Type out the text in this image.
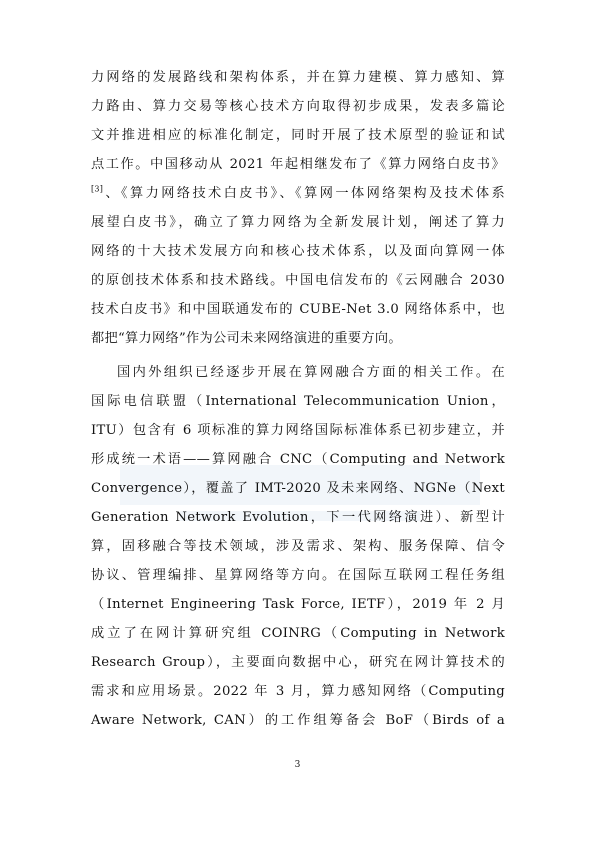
力网络的发展路线和架构体系，并在算力建模、算力感知、算
力路由、算力交易等核心技术方向取得初步成果，发表多篇论
文并推进相应的标准化制定，同时开展了技术原型的验证和试
点工作。中国移动从 2021 年起相继发布了《算力网络白皮书》
[3]、《算力网络技术白皮书》、《算网一体网络架构及技术体系
展望白皮书》，确立了算力网络为全新发展计划，阐述了算力
网络的十大技术发展方向和核心技术体系，以及面向算网一体
的原创技术体系和技术路线。中国电信发布的《云网融合 2030
技术白皮书》和中国联通发布的 CUBE-Net 3.0 网络体系中，也
都把“算力网络”作为公司未来网络演进的重要方向。
国内外组织已经逐步开展在算网融合方面的相关工作。在
国际电信联盟（International Telecommunication Union，
ITU）包含有 6 项标准的算力网络国际标准体系已初步建立，并
形成统一术语——算网融合 CNC（Computing and Network
Convergence），覆盖了 IMT-2020 及未来网络、NGNe（Next
Generation Network Evolution，下一代网络演进）、新型计
算，固移融合等技术领域，涉及需求、架构、服务保障、信令
协议、管理编排、星算网络等方向。在国际互联网工程任务组
（Internet Engineering Task Force, IETF），2019 年 2 月
成立了在网计算研究组 COINRG（Computing in Network
Research Group），主要面向数据中心，研究在网计算技术的
需求和应用场景。2022 年 3 月，算力感知网络（Computing
Aware Network, CAN）的工作组筹备会 BoF（Birds of a
3
